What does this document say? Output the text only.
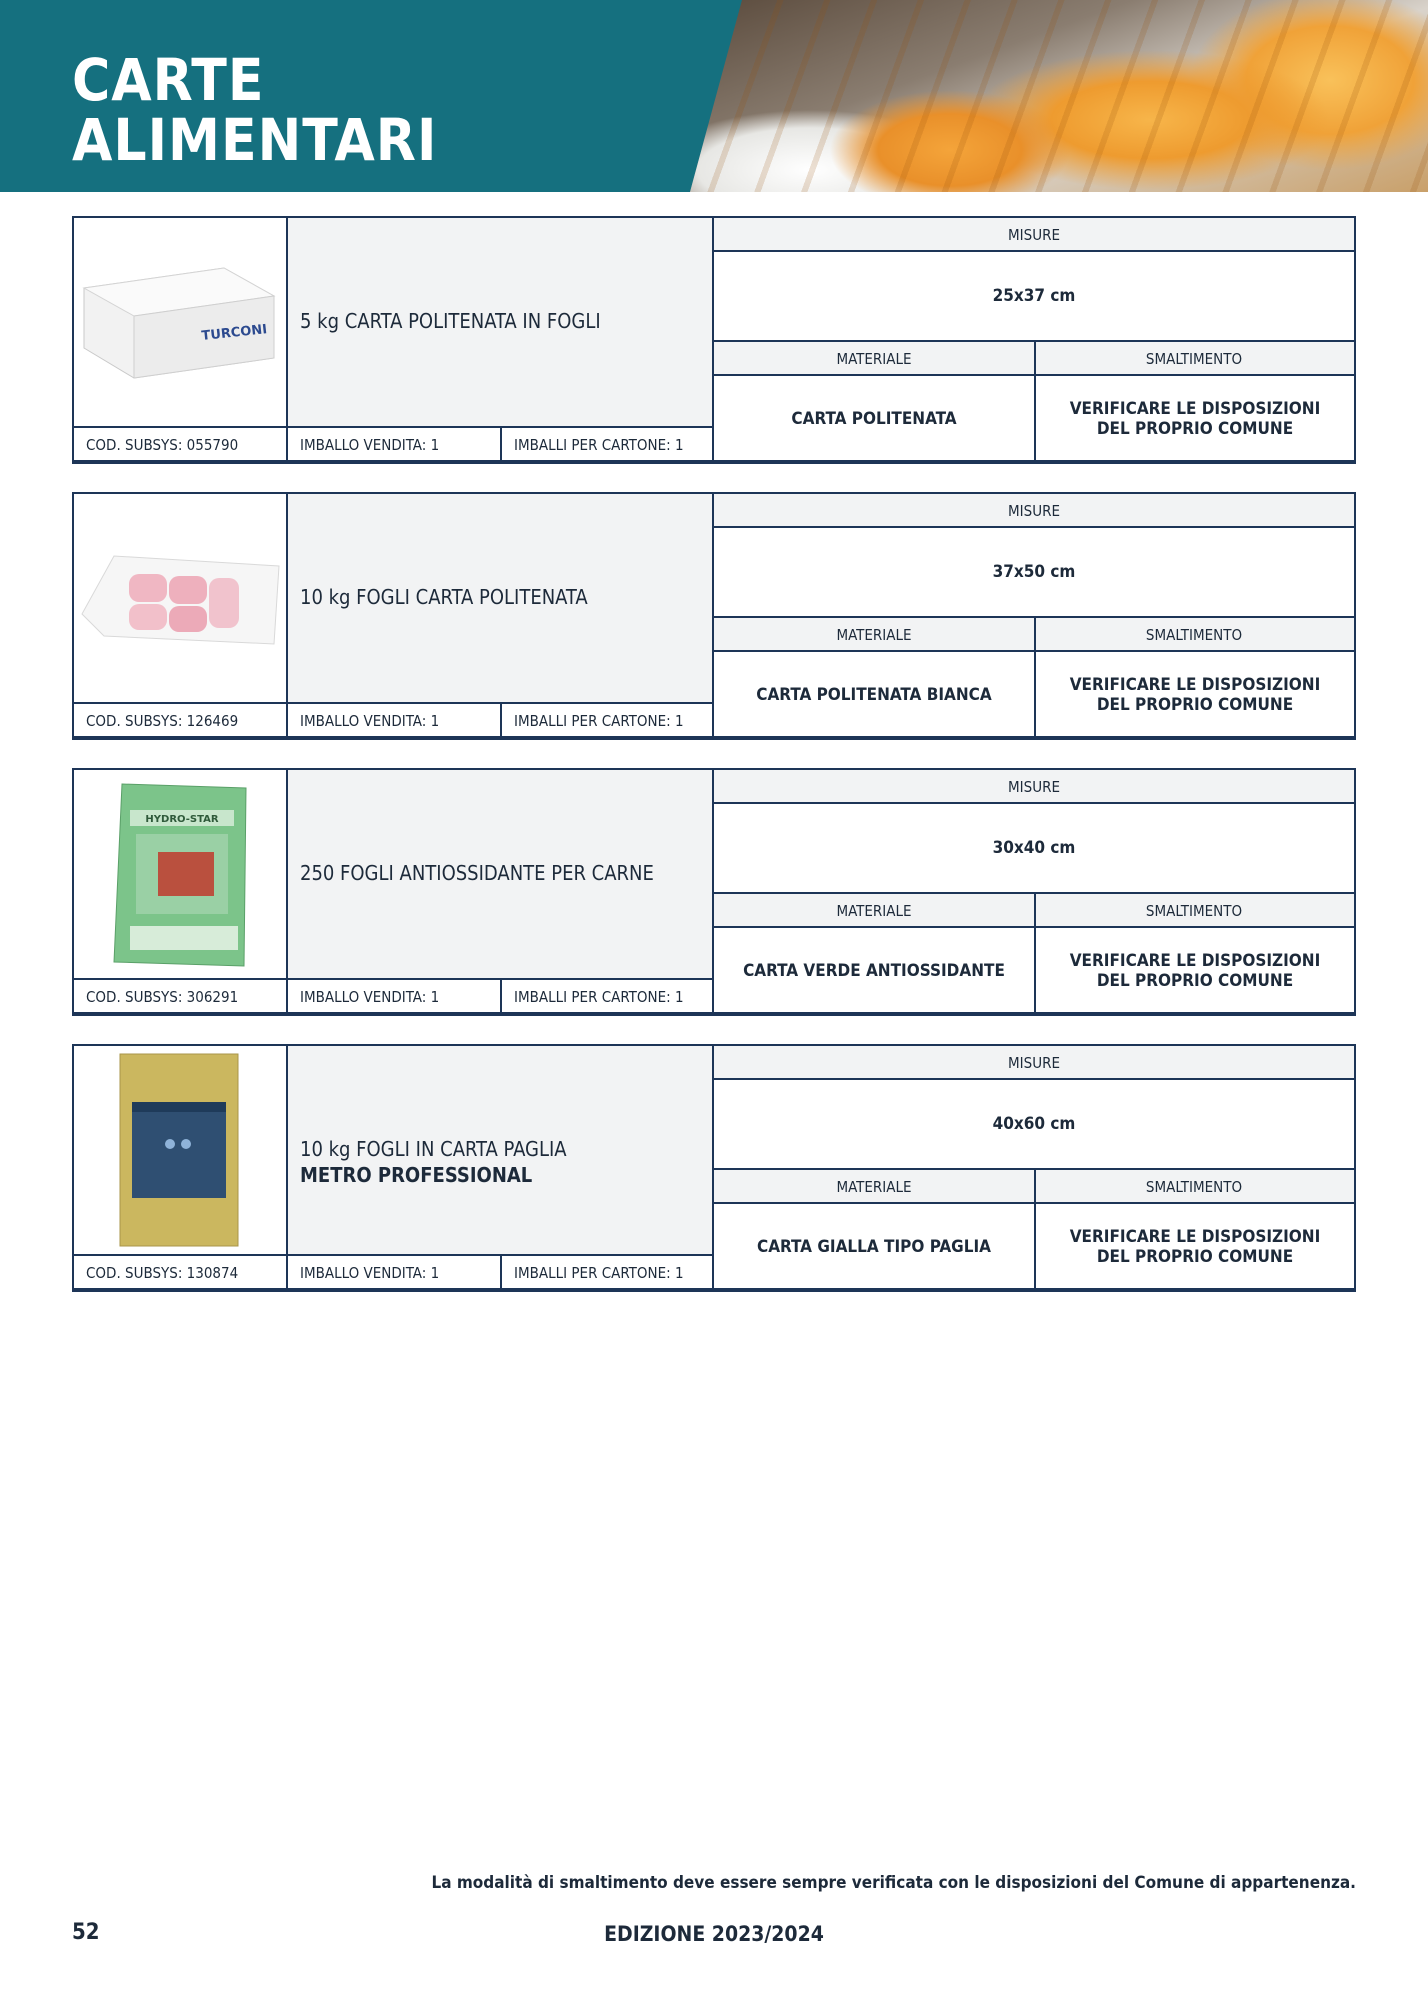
CARTE
ALIMENTARI
TURCONI
5 kg CARTA POLITENATA IN FOGLI
COD. SUBSYS: 055790	IMBALLO VENDITA: 1	IMBALLI PER CARTONE: 1
MISURE
25x37 cm
MATERIALE	SMALTIMENTO
CARTA POLITENATA	VERIFICARE LE DISPOSIZIONI
DEL PROPRIO COMUNE
10 kg FOGLI CARTA POLITENATA
COD. SUBSYS: 126469	IMBALLO VENDITA: 1	IMBALLI PER CARTONE: 1
MISURE
37x50 cm
MATERIALE	SMALTIMENTO
CARTA POLITENATA BIANCA	VERIFICARE LE DISPOSIZIONI
DEL PROPRIO COMUNE
HYDRO-STAR
250 FOGLI ANTIOSSIDANTE PER CARNE
COD. SUBSYS: 306291	IMBALLO VENDITA: 1	IMBALLI PER CARTONE: 1
MISURE
30x40 cm
MATERIALE	SMALTIMENTO
CARTA VERDE ANTIOSSIDANTE	VERIFICARE LE DISPOSIZIONI
DEL PROPRIO COMUNE
10 kg FOGLI IN CARTA PAGLIA
METRO PROFESSIONAL
COD. SUBSYS: 130874	IMBALLO VENDITA: 1	IMBALLI PER CARTONE: 1
MISURE
40x60 cm
MATERIALE	SMALTIMENTO
CARTA GIALLA TIPO PAGLIA	VERIFICARE LE DISPOSIZIONI
DEL PROPRIO COMUNE
La modalità di smaltimento deve essere sempre verificata con le disposizioni del Comune di appartenenza.
52	EDIZIONE 2023/2024
